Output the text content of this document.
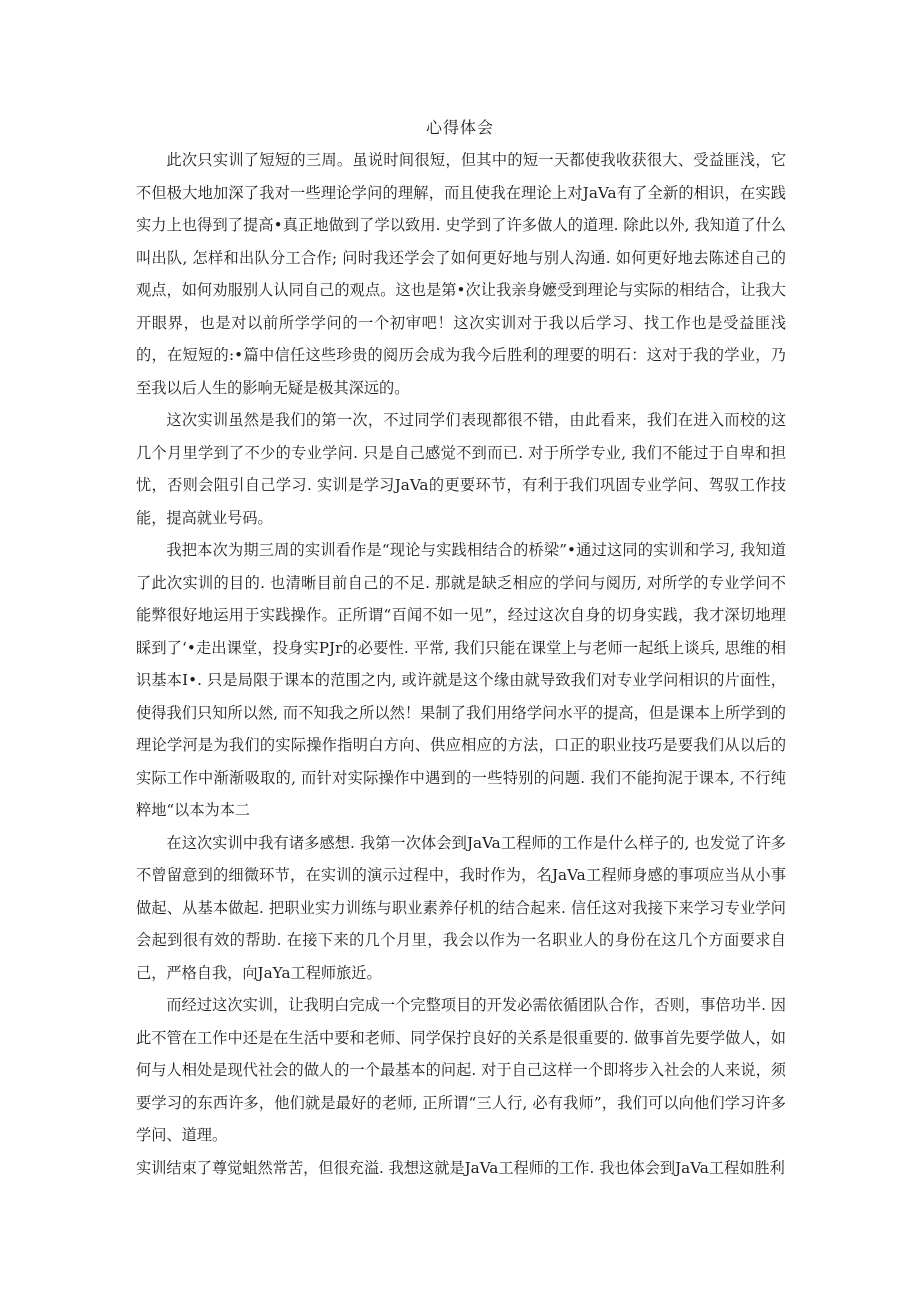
心得体会

此次只实训了短短的三周。虽说时间很短，但其中的短一天都使我收获很大、受益匪浅，它不但极大地加深了我对一些理论学问的理解，而且使我在理论上对JaVa有了全新的相识，在实践实力上也得到了提高•真正地做到了学以致用. 史学到了许多做人的道理. 除此以外, 我知道了什么叫出队, 怎样和出队分工合作; 问时我还学会了如何更好地与别人沟通. 如何更好地去陈述自己的观点，如何劝服别人认同自己的观点。这也是第•次让我亲身嬷受到理论与实际的相结合，让我大开眼界，也是对以前所学学问的一个初审吧！这次实训对于我以后学习、找工作也是受益匪浅的，在短短的:•篇中信任这些珍贵的阅历会成为我今后胜利的理要的明石：这对于我的学业，乃至我以后人生的影响无疑是极其深远的。

这次实训虽然是我们的第一次，不过同学们表现都很不错，由此看来，我们在进入而校的这几个月里学到了不少的专业学问. 只是自己感觉不到而已. 对于所学专业, 我们不能过于自卑和担忧，否则会阻引自己学习. 实训是学习JaVa的更要环节，有利于我们巩固专业学问、驾驭工作技能，提高就业号码。

我把本次为期三周的实训看作是“现论与实践相结合的桥梁”•通过这同的实训和学习, 我知道了此次实训的目的. 也清晰目前自己的不足. 那就是缺乏相应的学问与阅历, 对所学的专业学问不能弊很好地运用于实践操作。正所谓“百闻不如一见”，经过这次自身的切身实践，我才深切地理睬到了‘•走出课堂，投身实PJr的必要性. 平常, 我们只能在课堂上与老师一起纸上谈兵, 思维的相识基本I•. 只是局限于课本的范围之内, 或许就是这个缘由就导致我们对专业学问相识的片面性，使得我们只知所以然, 而不知我之所以然！果制了我们用络学问水平的提高，但是课本上所学到的理论学河是为我们的实际操作指明白方向、供应相应的方法，口正的职业技巧是要我们从以后的实际工作中渐渐吸取的, 而针对实际操作中遇到的一些特别的问题. 我们不能拘泥于课本, 不行纯粹地“以本为本二

在这次实训中我有诸多感想. 我第一次体会到JaVa工程师的工作是什么样子的, 也发觉了许多不曾留意到的细微环节，在实训的演示过程中，我时作为，名JaVa工程师身感的事项应当从小事做起、从基本做起. 把职业实力训练与职业素养仔机的结合起来. 信任这对我接下来学习专业学问会起到很有效的帮助. 在接下来的几个月里，我会以作为一名职业人的身份在这几个方面要求自己，严格自我，向JaYa工程师旅近。

而经过这次实训，让我明白完成一个完整项目的开发必需依循团队合作，否则，事倍功半. 因此不管在工作中还是在生活中要和老师、同学保拧良好的关系是很重要的. 做事首先要学做人，如何与人相处是现代社会的做人的一个最基本的问起. 对于自己这样一个即将步入社会的人来说，须要学习的东西许多，他们就是最好的老师, 正所谓“三人行, 必有我师”，我们可以向他们学习许多学问、道理。

实训结束了尊觉蛆然常苦，但很充溢. 我想这就是JaVa工程师的工作. 我也体会到JaVa工程如胜利
